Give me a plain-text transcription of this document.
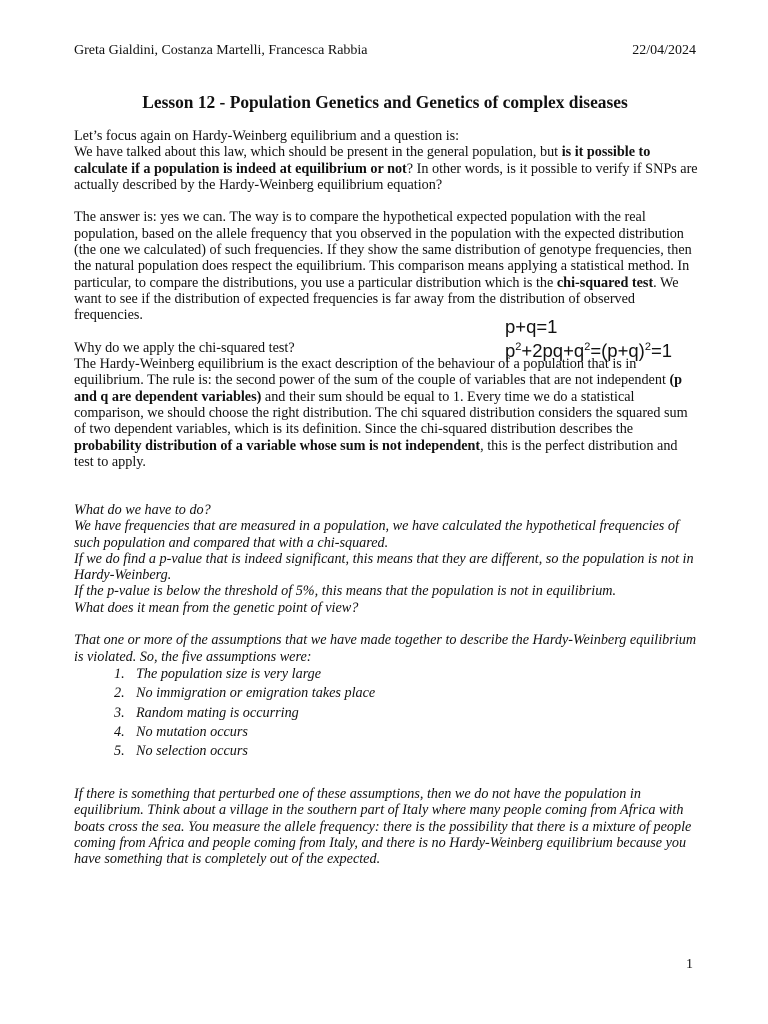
Greta Gialdini, Costanza Martelli, Francesca Rabbia	22/04/2024
Lesson 12 - Population Genetics and Genetics of complex diseases

Let’s focus again on Hardy-Weinberg equilibrium and a question is:

We have talked about this law, which should be present in the general population, but is it possible to calculate if a population is indeed at equilibrium or not? In other words, is it possible to verify if SNPs are actually described by the Hardy-Weinberg equilibrium equation?

The answer is: yes we can. The way is to compare the hypothetical expected population with the real population, based on the allele frequency that you observed in the population with the expected distribution (the one we calculated) of such frequencies. If they show the same distribution of genotype frequencies, then the natural population does respect the equilibrium. This comparison means applying a statistical method. In particular, to compare the distributions, you use a particular distribution which is the chi-squared test. We want to see if the distribution of expected frequencies is far away from the distribution of observed frequencies.

Why do we apply the chi-squared test?

The Hardy-Weinberg equilibrium is the exact description of the behaviour of a population that is in equilibrium. The rule is: the second power of the sum of the couple of variables that are not independent (p and q are dependent variables) and their sum should be equal to 1. Every time we do a statistical comparison, we should choose the right distribution. The chi squared distribution considers the squared sum of two dependent variables, which is its definition. Since the chi-squared distribution describes the probability distribution of a variable whose sum is not independent, this is the perfect distribution and test to apply.

p+q=1
$p^2+2pq+q^2=(p+q)^2=1$

What do we have to do?

We have frequencies that are measured in a population, we have calculated the hypothetical frequencies of such population and compared that with a chi-squared.

If we do find a p-value that is indeed significant, this means that they are different, so the population is not in Hardy-Weinberg.

If the p-value is below the threshold of 5%, this means that the population is not in equilibrium.

What does it mean from the genetic point of view?

That one or more of the assumptions that we have made together to describe the Hardy-Weinberg equilibrium is violated. So, the five assumptions were:

1. The population size is very large
2. No immigration or emigration takes place
3. Random mating is occurring
4. No mutation occurs
5. No selection occurs
If there is something that perturbed one of these assumptions, then we do not have the population in equilibrium. Think about a village in the southern part of Italy where many people coming from Africa with boats cross the sea. You measure the allele frequency: there is the possibility that there is a mixture of people coming from Africa and people coming from Italy, and there is no Hardy-Weinberg equilibrium because you have something that is completely out of the expected.
1
